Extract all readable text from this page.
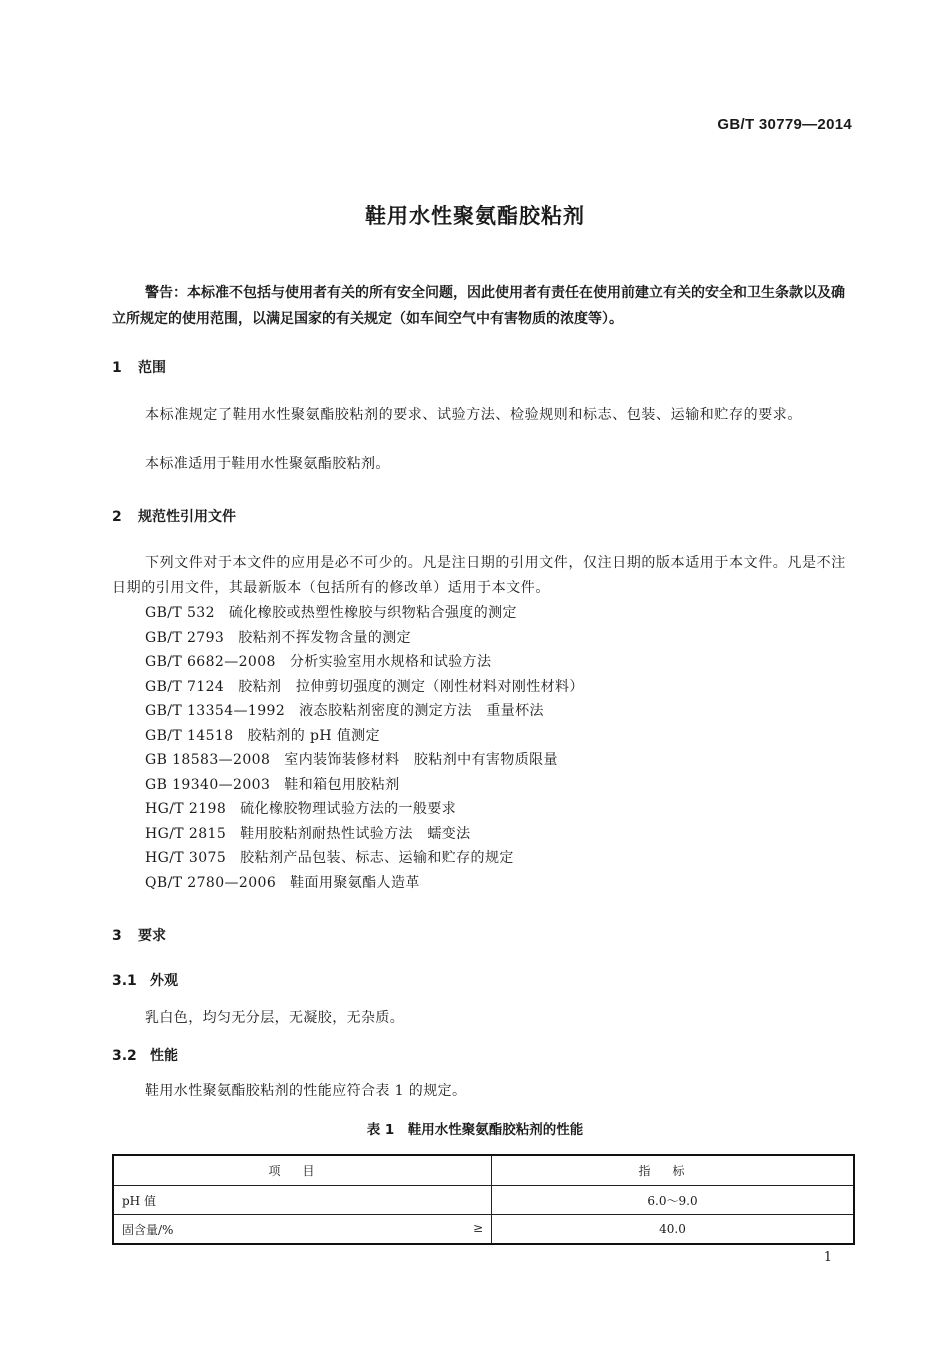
GB/T 30779—2014
鞋用水性聚氨酯胶粘剂
警告：本标准不包括与使用者有关的所有安全问题，因此使用者有责任在使用前建立有关的安全和卫生条款以及确立所规定的使用范围，以满足国家的有关规定（如车间空气中有害物质的浓度等）。
1 范围
本标准规定了鞋用水性聚氨酯胶粘剂的要求、试验方法、检验规则和标志、包装、运输和贮存的要求。
本标准适用于鞋用水性聚氨酯胶粘剂。
2 规范性引用文件
下列文件对于本文件的应用是必不可少的。凡是注日期的引用文件，仅注日期的版本适用于本文件。凡是不注日期的引用文件，其最新版本（包括所有的修改单）适用于本文件。
GB/T 532 硫化橡胶或热塑性橡胶与织物粘合强度的测定
GB/T 2793 胶粘剂不挥发物含量的测定
GB/T 6682—2008 分析实验室用水规格和试验方法
GB/T 7124 胶粘剂　拉伸剪切强度的测定（刚性材料对刚性材料）
GB/T 13354—1992 液态胶粘剂密度的测定方法　重量杯法
GB/T 14518 胶粘剂的 pH 值测定
GB 18583—2008 室内装饰装修材料　胶粘剂中有害物质限量
GB 19340—2003 鞋和箱包用胶粘剂
HG/T 2198 硫化橡胶物理试验方法的一般要求
HG/T 2815 鞋用胶粘剂耐热性试验方法　蠕变法
HG/T 3075 胶粘剂产品包装、标志、运输和贮存的规定
QB/T 2780—2006 鞋面用聚氨酯人造革
3 要求
3.1 外观
乳白色，均匀无分层，无凝胶，无杂质。
3.2 性能
鞋用水性聚氨酯胶粘剂的性能应符合表 1 的规定。
表 1　鞋用水性聚氨酯胶粘剂的性能
项目	指标
pH 值	6.0～9.0
固含量/% ≥	40.0
1
